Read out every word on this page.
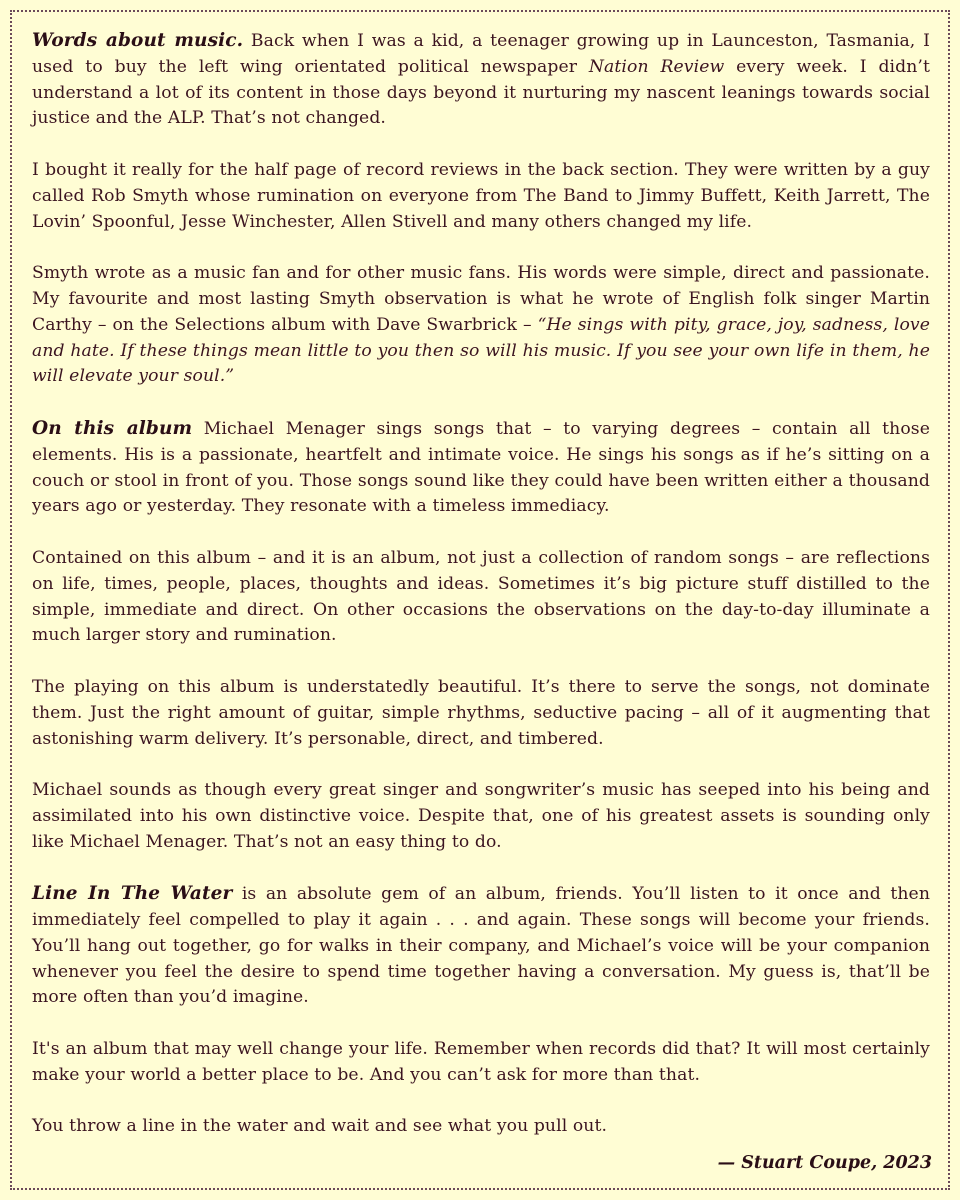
Words about music. Back when I was a kid, a teenager growing up in Launceston, Tasmania, I used to buy the left wing orientated political newspaper Nation Review every week. I didn’t understand a lot of its content in those days beyond it nurturing my nascent leanings towards social justice and the ALP. That’s not changed.

I bought it really for the half page of record reviews in the back section. They were written by a guy called Rob Smyth whose rumination on everyone from The Band to Jimmy Buffett, Keith Jarrett, The Lovin’ Spoonful, Jesse Winchester, Allen Stivell and many others changed my life.

Smyth wrote as a music fan and for other music fans. His words were simple, direct and passionate. My favourite and most lasting Smyth observation is what he wrote of English folk singer Martin Carthy – on the Selections album with Dave Swarbrick – “He sings with pity, grace, joy, sadness, love and hate. If these things mean little to you then so will his music. If you see your own life in them, he will elevate your soul.”

On this album Michael Menager sings songs that – to varying degrees – contain all those elements. His is a passionate, heartfelt and intimate voice. He sings his songs as if he’s sitting on a couch or stool in front of you. Those songs sound like they could have been written either a thousand years ago or yesterday. They resonate with a timeless immediacy.

Contained on this album – and it is an album, not just a collection of random songs – are reflections on life, times, people, places, thoughts and ideas. Sometimes it’s big picture stuff distilled to the simple, immediate and direct. On other occasions the observations on the day-to-day illuminate a much larger story and rumination.

The playing on this album is understatedly beautiful. It’s there to serve the songs, not dominate them. Just the right amount of guitar, simple rhythms, seductive pacing – all of it augmenting that astonishing warm delivery. It’s personable, direct, and timbered.

Michael sounds as though every great singer and songwriter’s music has seeped into his being and assimilated into his own distinctive voice. Despite that, one of his greatest assets is sounding only like Michael Menager. That’s not an easy thing to do.

Line In The Water is an absolute gem of an album, friends. You’ll listen to it once and then immediately feel compelled to play it again . . . and again. These songs will become your friends. You’ll hang out together, go for walks in their company, and Michael’s voice will be your companion whenever you feel the desire to spend time together having a conversation. My guess is, that’ll be more often than you’d imagine.

It's an album that may well change your life. Remember when records did that? It will most certainly make your world a better place to be. And you can’t ask for more than that.

You throw a line in the water and wait and see what you pull out.

— Stuart Coupe, 2023
